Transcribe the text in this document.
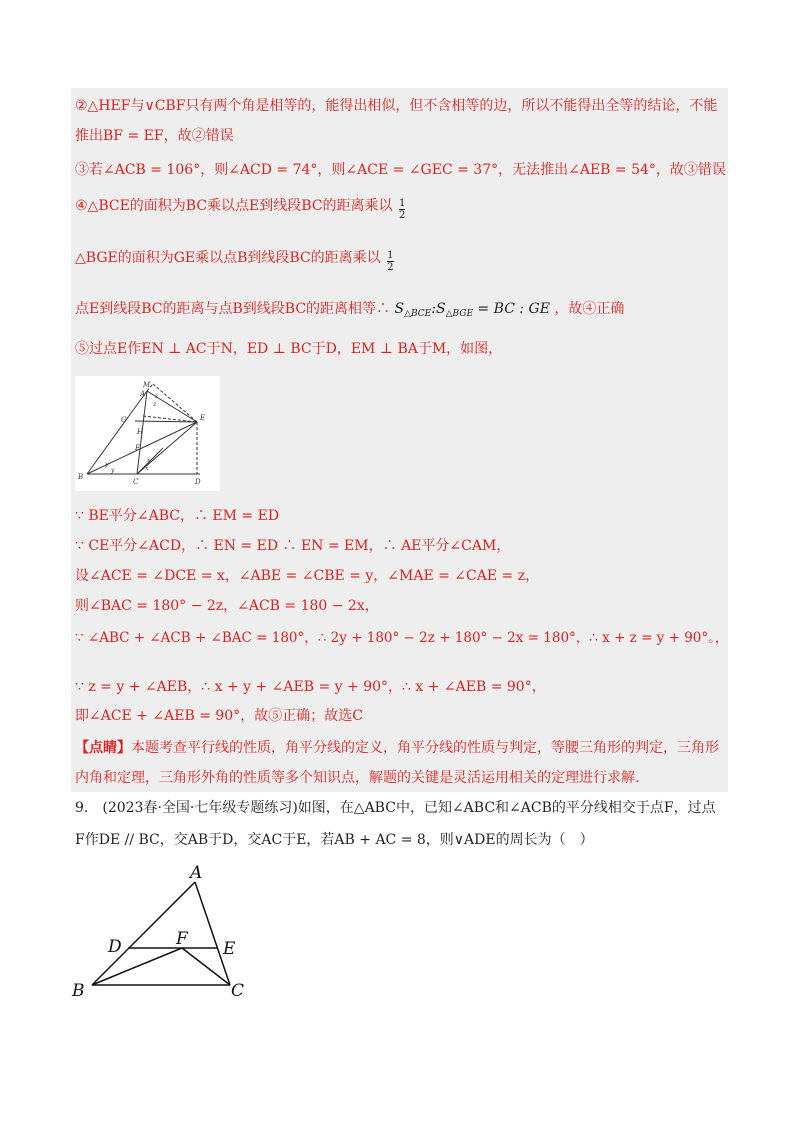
②△HEF与∨CBF只有两个角是相等的，能得出相似，但不含相等的边，所以不能得出全等的结论，不能
推出BF = EF，故②错误
③若∠ACB = 106°，则∠ACD = 74°，则∠ACE = ∠GEC = 37°，无法推出∠AEB = 54°，故③错误
④△BCE的面积为BC乘以点E到线段BC的距离乘以 $\frac{1}{2}$
△BGE的面积为GE乘以点B到线段BC的距离乘以 $\frac{1}{2}$
点E到线段BC的距离与点B到线段BC的距离相等∴ $S_{\triangle BCE}:S_{\triangle BGE}$ = BC : GE ，故④正确
⑤过点E作EN ⊥ AC于N，ED ⊥ BC于D，EM ⊥ BA于M，如图，
M
A
G	E
H
F
B
C	D
x
x
y
y
z
z
∵ BE平分∠ABC，∴ EM = ED
∵ CE平分∠ACD，∴ EN = ED ∴ EN = EM，∴ AE平分∠CAM，
设∠ACE = ∠DCE = x，∠ABE = ∠CBE = y，∠MAE = ∠CAE = z，
则∠BAC = 180° − 2z，∠ACB = 180 − 2x，
∵ ∠ABC + ∠ACB + ∠BAC = 180°，∴ 2y + 180° − 2z + 180° − 2x = 180°，∴ x + z = y + 90°。，
∵ z = y + ∠AEB，∴ x + y + ∠AEB = y + 90°，∴ x + ∠AEB = 90°，
即∠ACE + ∠AEB = 90°，故⑤正确；故选C
【点睛】本题考查平行线的性质，角平分线的定义，角平分线的性质与判定，等腰三角形的判定，三角形
内角和定理，三角形外角的性质等多个知识点，解题的关键是灵活运用相关的定理进行求解.
9.　(2023春·全国·七年级专题练习)如图，在△ABC中，已知∠ABC和∠ACB的平分线相交于点F，过点
F作DE // BC，交AB于D，交AC于E，若AB + AC = 8，则∨ADE的周长为（　）
A
D	F E
B	C
